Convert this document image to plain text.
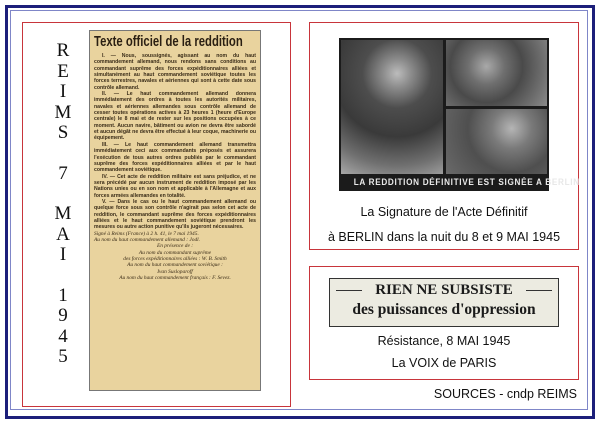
R
E
I
M
S
7
M
A
I
1
9
4
5
Texte officiel de la reddition

I. — Nous, soussignés, agissant au nom du haut commandement allemand, nous rendons sans conditions au commandant suprême des forces expéditionnaires alliées et simultanément au haut commandement soviétique toutes les forces terrestres, navales et aériennes qui sont à cette date sous contrôle allemand.

II. — Le haut commandement allemand donnera immédiatement des ordres à toutes les autorités militaires, navales et aériennes allemandes sous contrôle allemand de cesser toutes opérations actives à 23 heures 1 (heure d'Europe centrale) le 8 mai et de rester sur les positions occupées à ce moment. Aucun navire, bâtiment ou avion ne devra être sabordé et aucun dégât ne devra être effectué à leur coque, machinerie ou équipement.

III. — Le haut commandement allemand transmettra immédiatement ceci aux commandants préposés et assurera l'exécution de tous autres ordres publiés par le commandant suprême des forces expéditionnaires alliées et par le haut commandement soviétique.

IV. — Cet acte de reddition militaire est sans préjudice, et ne sera précédé par aucun instrument de reddition imposé par les Nations unies ou en son nom et applicable à l'Allemagne et aux forces armées allemandes en totalité.

V. — Dans le cas ou le haut commandement allemand ou quelque force sous son contrôle n'agirait pas selon cet acte de reddition, le commandant suprême des forces expéditionnaires alliées et le haut commandement soviétique prendront les mesures ou autre action punitive qu'ils jugeront nécessaires.

Signé à Reims (France) à 2 h. 41, le 7 mai 1945.

Au nom du haut commandement allemand : Jodl.

En présence de :

Au nom du commandant suprême

des forces expéditionnaires alliées : W. B. Smith

Au nom du haut commandement soviétique :

Ivan Susloparoff

Au nom du haut commandement français : F. Sevez.

LA REDDITION DÉFINITIVE EST SIGNÉE A BERLIN
La Signature de l'Acte Définitif
à BERLIN dans la nuit du 8 et 9 MAI 1945
RIEN NE SUBSISTE
des puissances d'oppression
Résistance, 8 MAI 1945
La VOIX de PARIS
SOURCES - cndp REIMS
